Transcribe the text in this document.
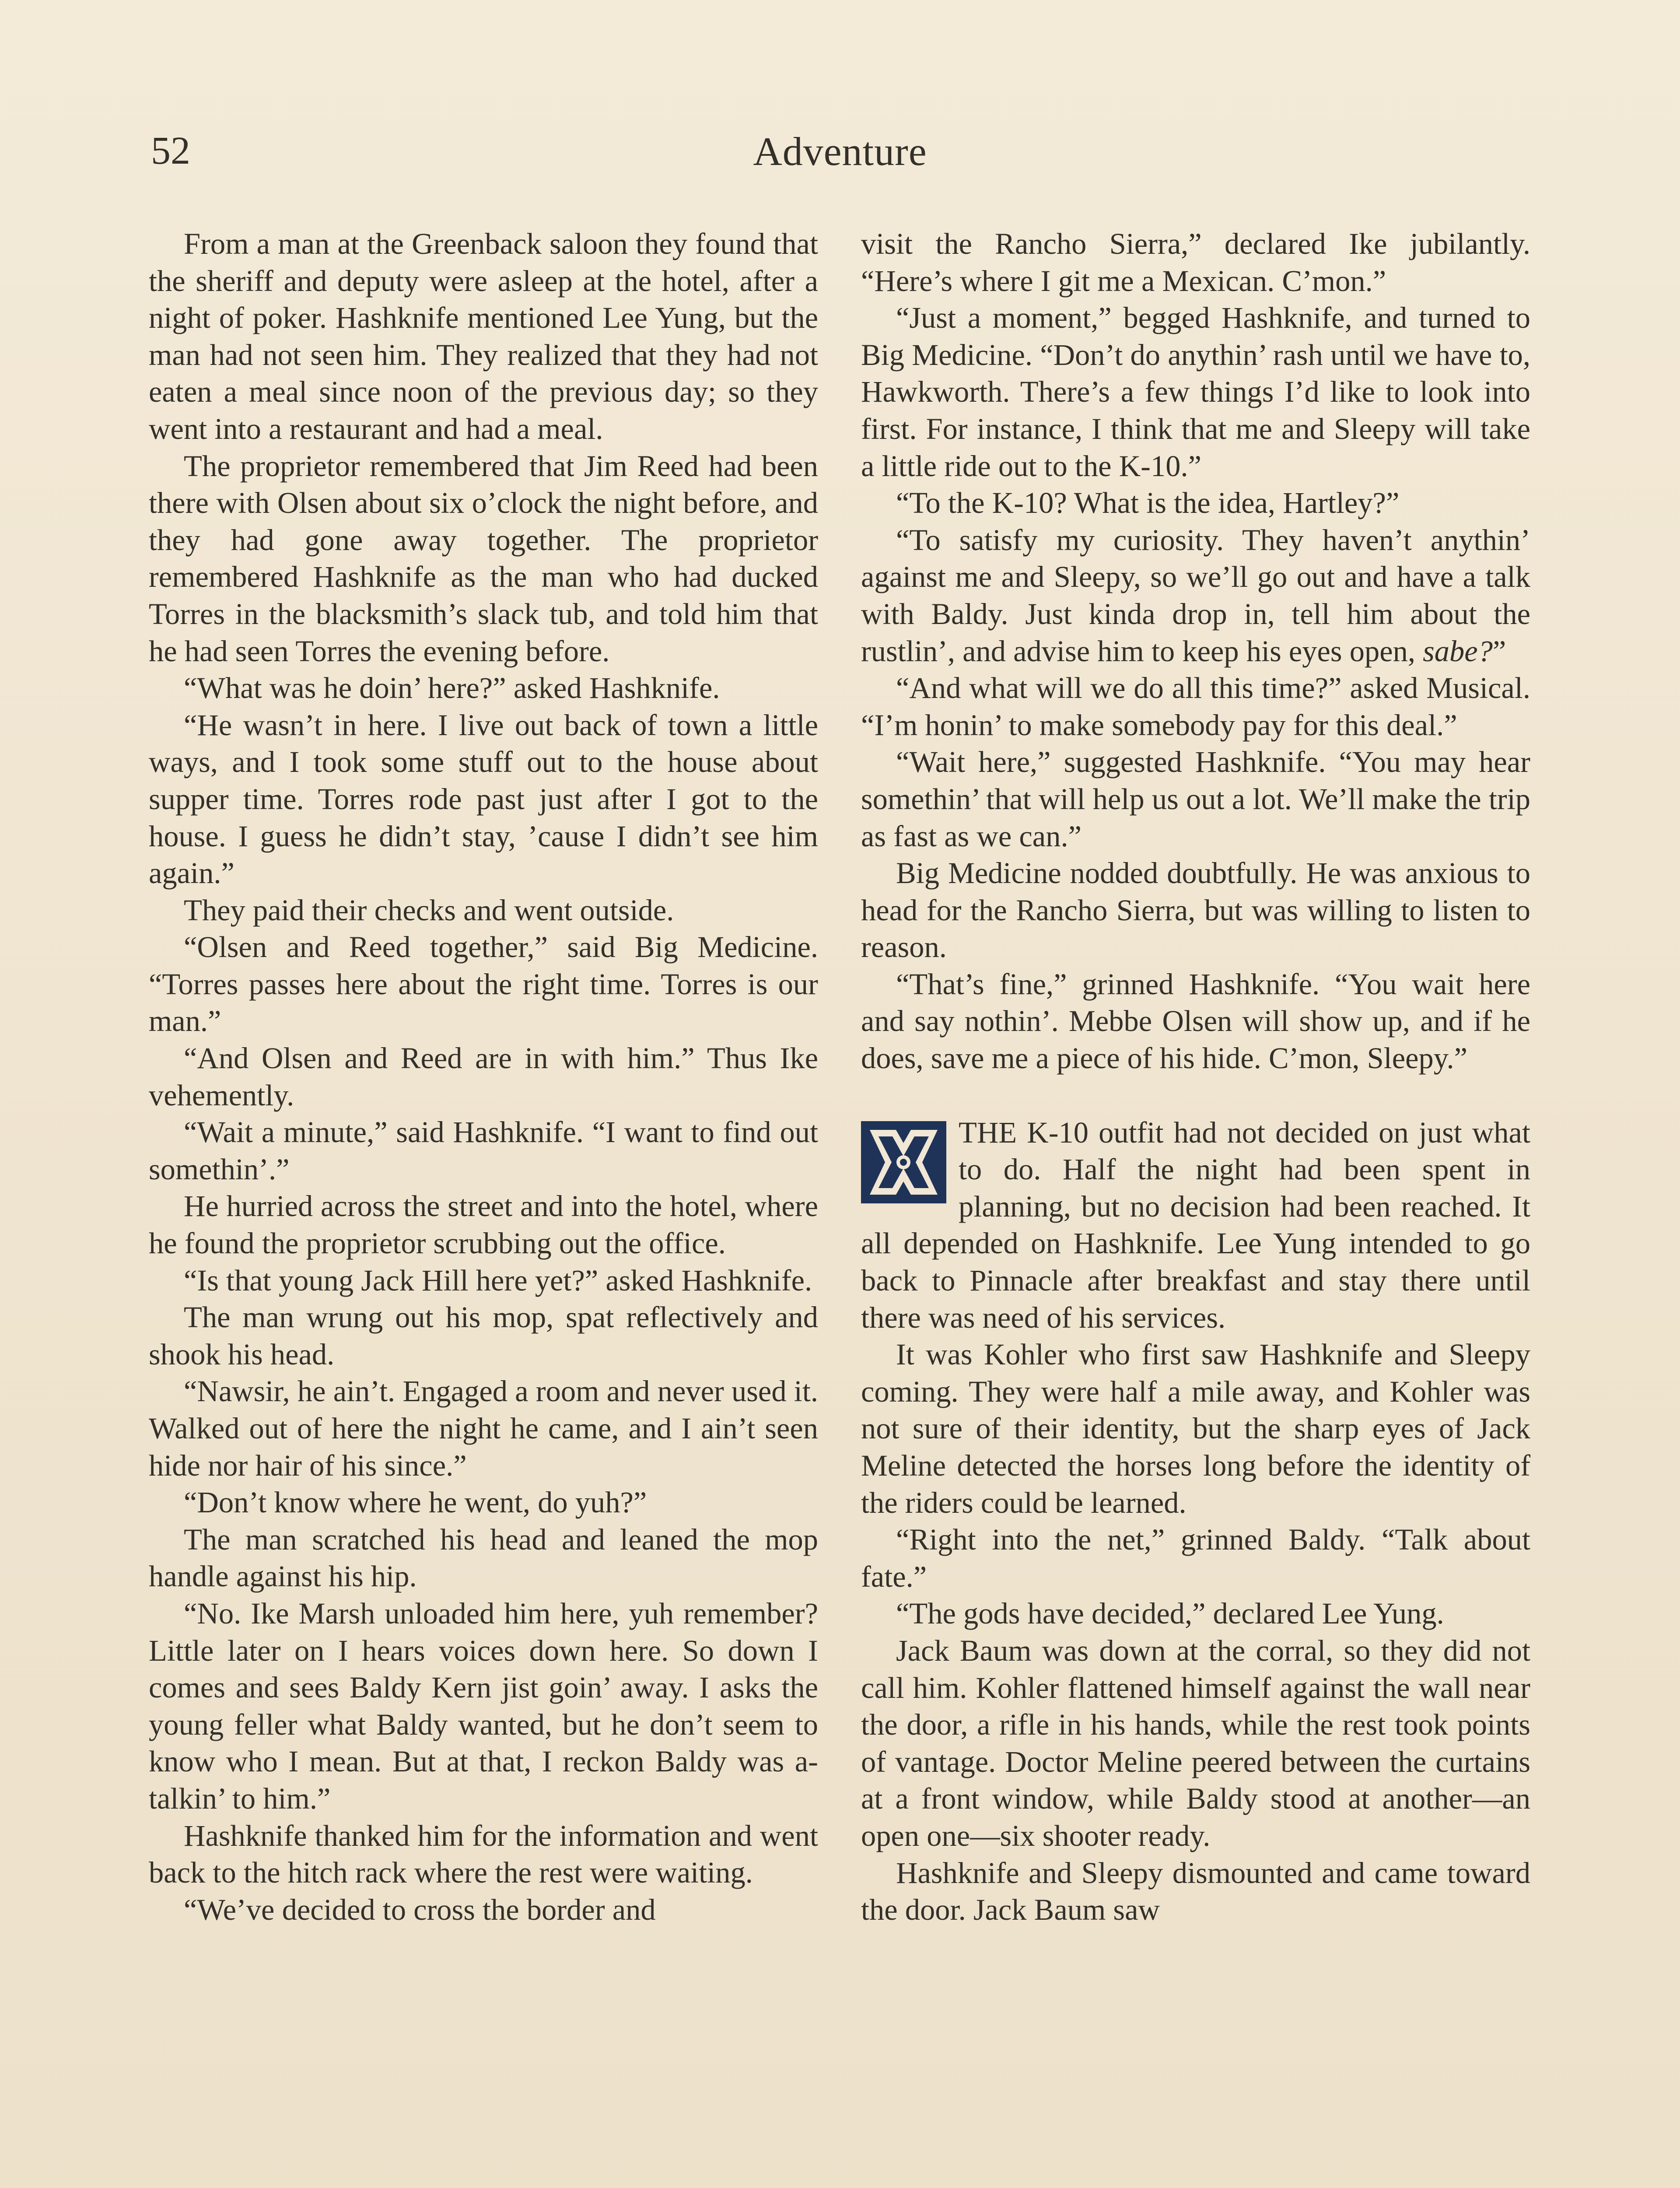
52	Adventure

From a man at the Greenback saloon they found that the sheriff and deputy were asleep at the hotel, after a night of poker. Hashknife mentioned Lee Yung, but the man had not seen him. They realized that they had not eaten a meal since noon of the previous day; so they went into a restaurant and had a meal.

The proprietor remembered that Jim Reed had been there with Olsen about six o’clock the night before, and they had gone away together. The proprietor remembered Hashknife as the man who had ducked Torres in the blacksmith’s slack tub, and told him that he had seen Torres the evening before.

“What was he doin’ here?” asked Hashknife.

“He wasn’t in here. I live out back of town a little ways, and I took some stuff out to the house about supper time. Torres rode past just after I got to the house. I guess he didn’t stay, ’cause I didn’t see him again.”

They paid their checks and went outside.

“Olsen and Reed together,” said Big Medicine. “Torres passes here about the right time. Torres is our man.”

“And Olsen and Reed are in with him.” Thus Ike vehemently.

“Wait a minute,” said Hashknife. “I want to find out somethin’.”

He hurried across the street and into the hotel, where he found the proprietor scrubbing out the office.

“Is that young Jack Hill here yet?” asked Hashknife.

The man wrung out his mop, spat reflectively and shook his head.

“Nawsir, he ain’t. Engaged a room and never used it. Walked out of here the night he came, and I ain’t seen hide nor hair of his since.”

“Don’t know where he went, do yuh?”

The man scratched his head and leaned the mop handle against his hip.

“No. Ike Marsh unloaded him here, yuh remember? Little later on I hears voices down here. So down I comes and sees Baldy Kern jist goin’ away. I asks the young feller what Baldy wanted, but he don’t seem to know who I mean. But at that, I reckon Baldy was a-talkin’ to him.”

Hashknife thanked him for the information and went back to the hitch rack where the rest were waiting.

“We’ve decided to cross the border and

visit the Rancho Sierra,” declared Ike jubilantly. “Here’s where I git me a Mexican. C’mon.”

“Just a moment,” begged Hashknife, and turned to Big Medicine. “Don’t do anythin’ rash until we have to, Hawkworth. There’s a few things I’d like to look into first. For instance, I think that me and Sleepy will take a little ride out to the K-10.”

“To the K-10? What is the idea, Hartley?”

“To satisfy my curiosity. They haven’t anythin’ against me and Sleepy, so we’ll go out and have a talk with Baldy. Just kinda drop in, tell him about the rustlin’, and advise him to keep his eyes open, sabe?”

“And what will we do all this time?” asked Musical. “I’m honin’ to make somebody pay for this deal.”

“Wait here,” suggested Hashknife. “You may hear somethin’ that will help us out a lot. We’ll make the trip as fast as we can.”

Big Medicine nodded doubtfully. He was anxious to head for the Rancho Sierra, but was willing to listen to reason.

“That’s fine,” grinned Hashknife. “You wait here and say nothin’. Mebbe Olsen will show up, and if he does, save me a piece of his hide. C’mon, Sleepy.”

THE K-10 outfit had not decided on just what to do. Half the night had been spent in planning, but no decision had been reached. It all depended on Hashknife. Lee Yung intended to go back to Pinnacle after breakfast and stay there until there was need of his services.

It was Kohler who first saw Hashknife and Sleepy coming. They were half a mile away, and Kohler was not sure of their identity, but the sharp eyes of Jack Meline detected the horses long before the identity of the riders could be learned.

“Right into the net,” grinned Baldy. “Talk about fate.”

“The gods have decided,” declared Lee Yung.

Jack Baum was down at the corral, so they did not call him. Kohler flattened himself against the wall near the door, a rifle in his hands, while the rest took points of vantage. Doctor Meline peered between the curtains at a front window, while Baldy stood at another—an open one—six shooter ready.

Hashknife and Sleepy dismounted and came toward the door. Jack Baum saw
